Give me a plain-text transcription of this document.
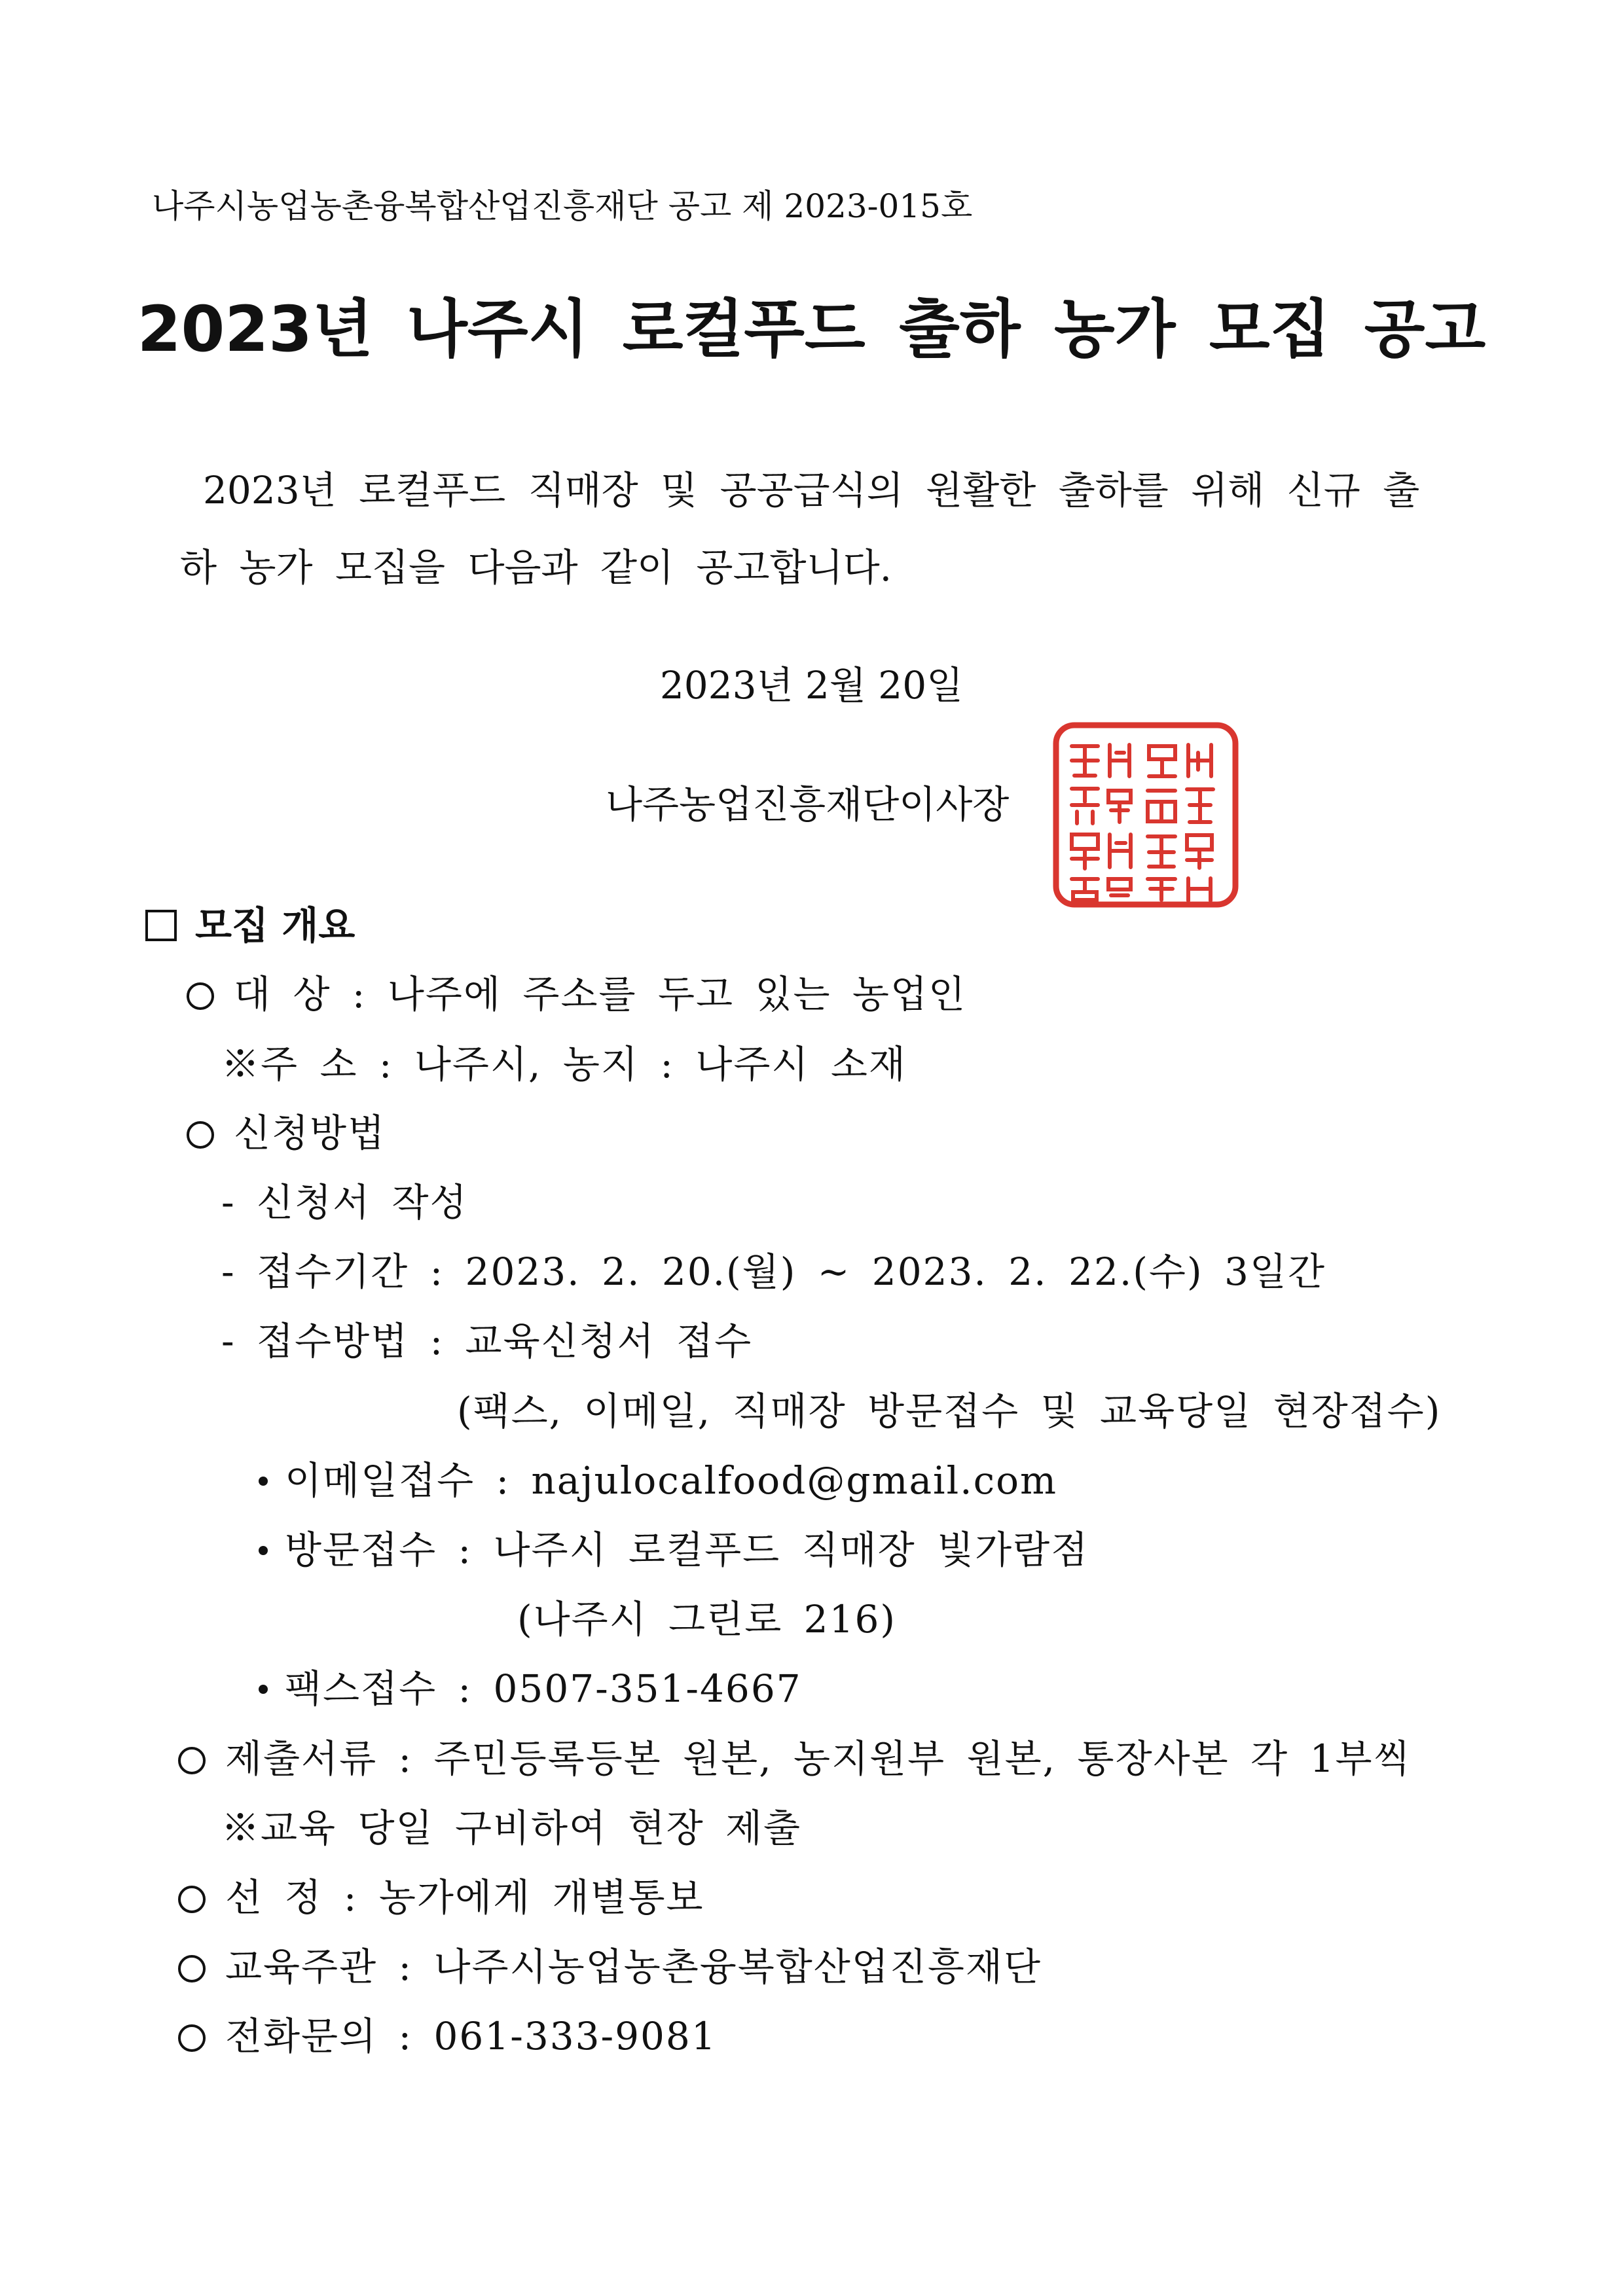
나주시농업농촌융복합산업진흥재단 공고 제 2023-015호
2023년 나주시 로컬푸드 출하 농가 모집 공고
2023년 로컬푸드 직매장 및 공공급식의 원활한 출하를 위해 신규 출
하 농가 모집을 다음과 같이 공고합니다.
2023년 2월 20일
나주농업진흥재단이사장
모집 개요
대 상 : 나주에 주소를 두고 있는 농업인
※주 소 : 나주시, 농지 : 나주시 소재
신청방법
- 신청서 작성
- 접수기간 : 2023. 2. 20.(월) ~ 2023. 2. 22.(수) 3일간
- 접수방법 : 교육신청서 접수
(팩스, 이메일, 직매장 방문접수 및 교육당일 현장접수)
이메일접수 : najulocalfood@gmail.com
방문접수 : 나주시 로컬푸드 직매장 빛가람점
(나주시 그린로 216)
팩스접수 : 0507-351-4667
제출서류 : 주민등록등본 원본, 농지원부 원본, 통장사본 각 1부씩
※교육 당일 구비하여 현장 제출
선 정 : 농가에게 개별통보
교육주관 : 나주시농업농촌융복합산업진흥재단
전화문의 : 061-333-9081
